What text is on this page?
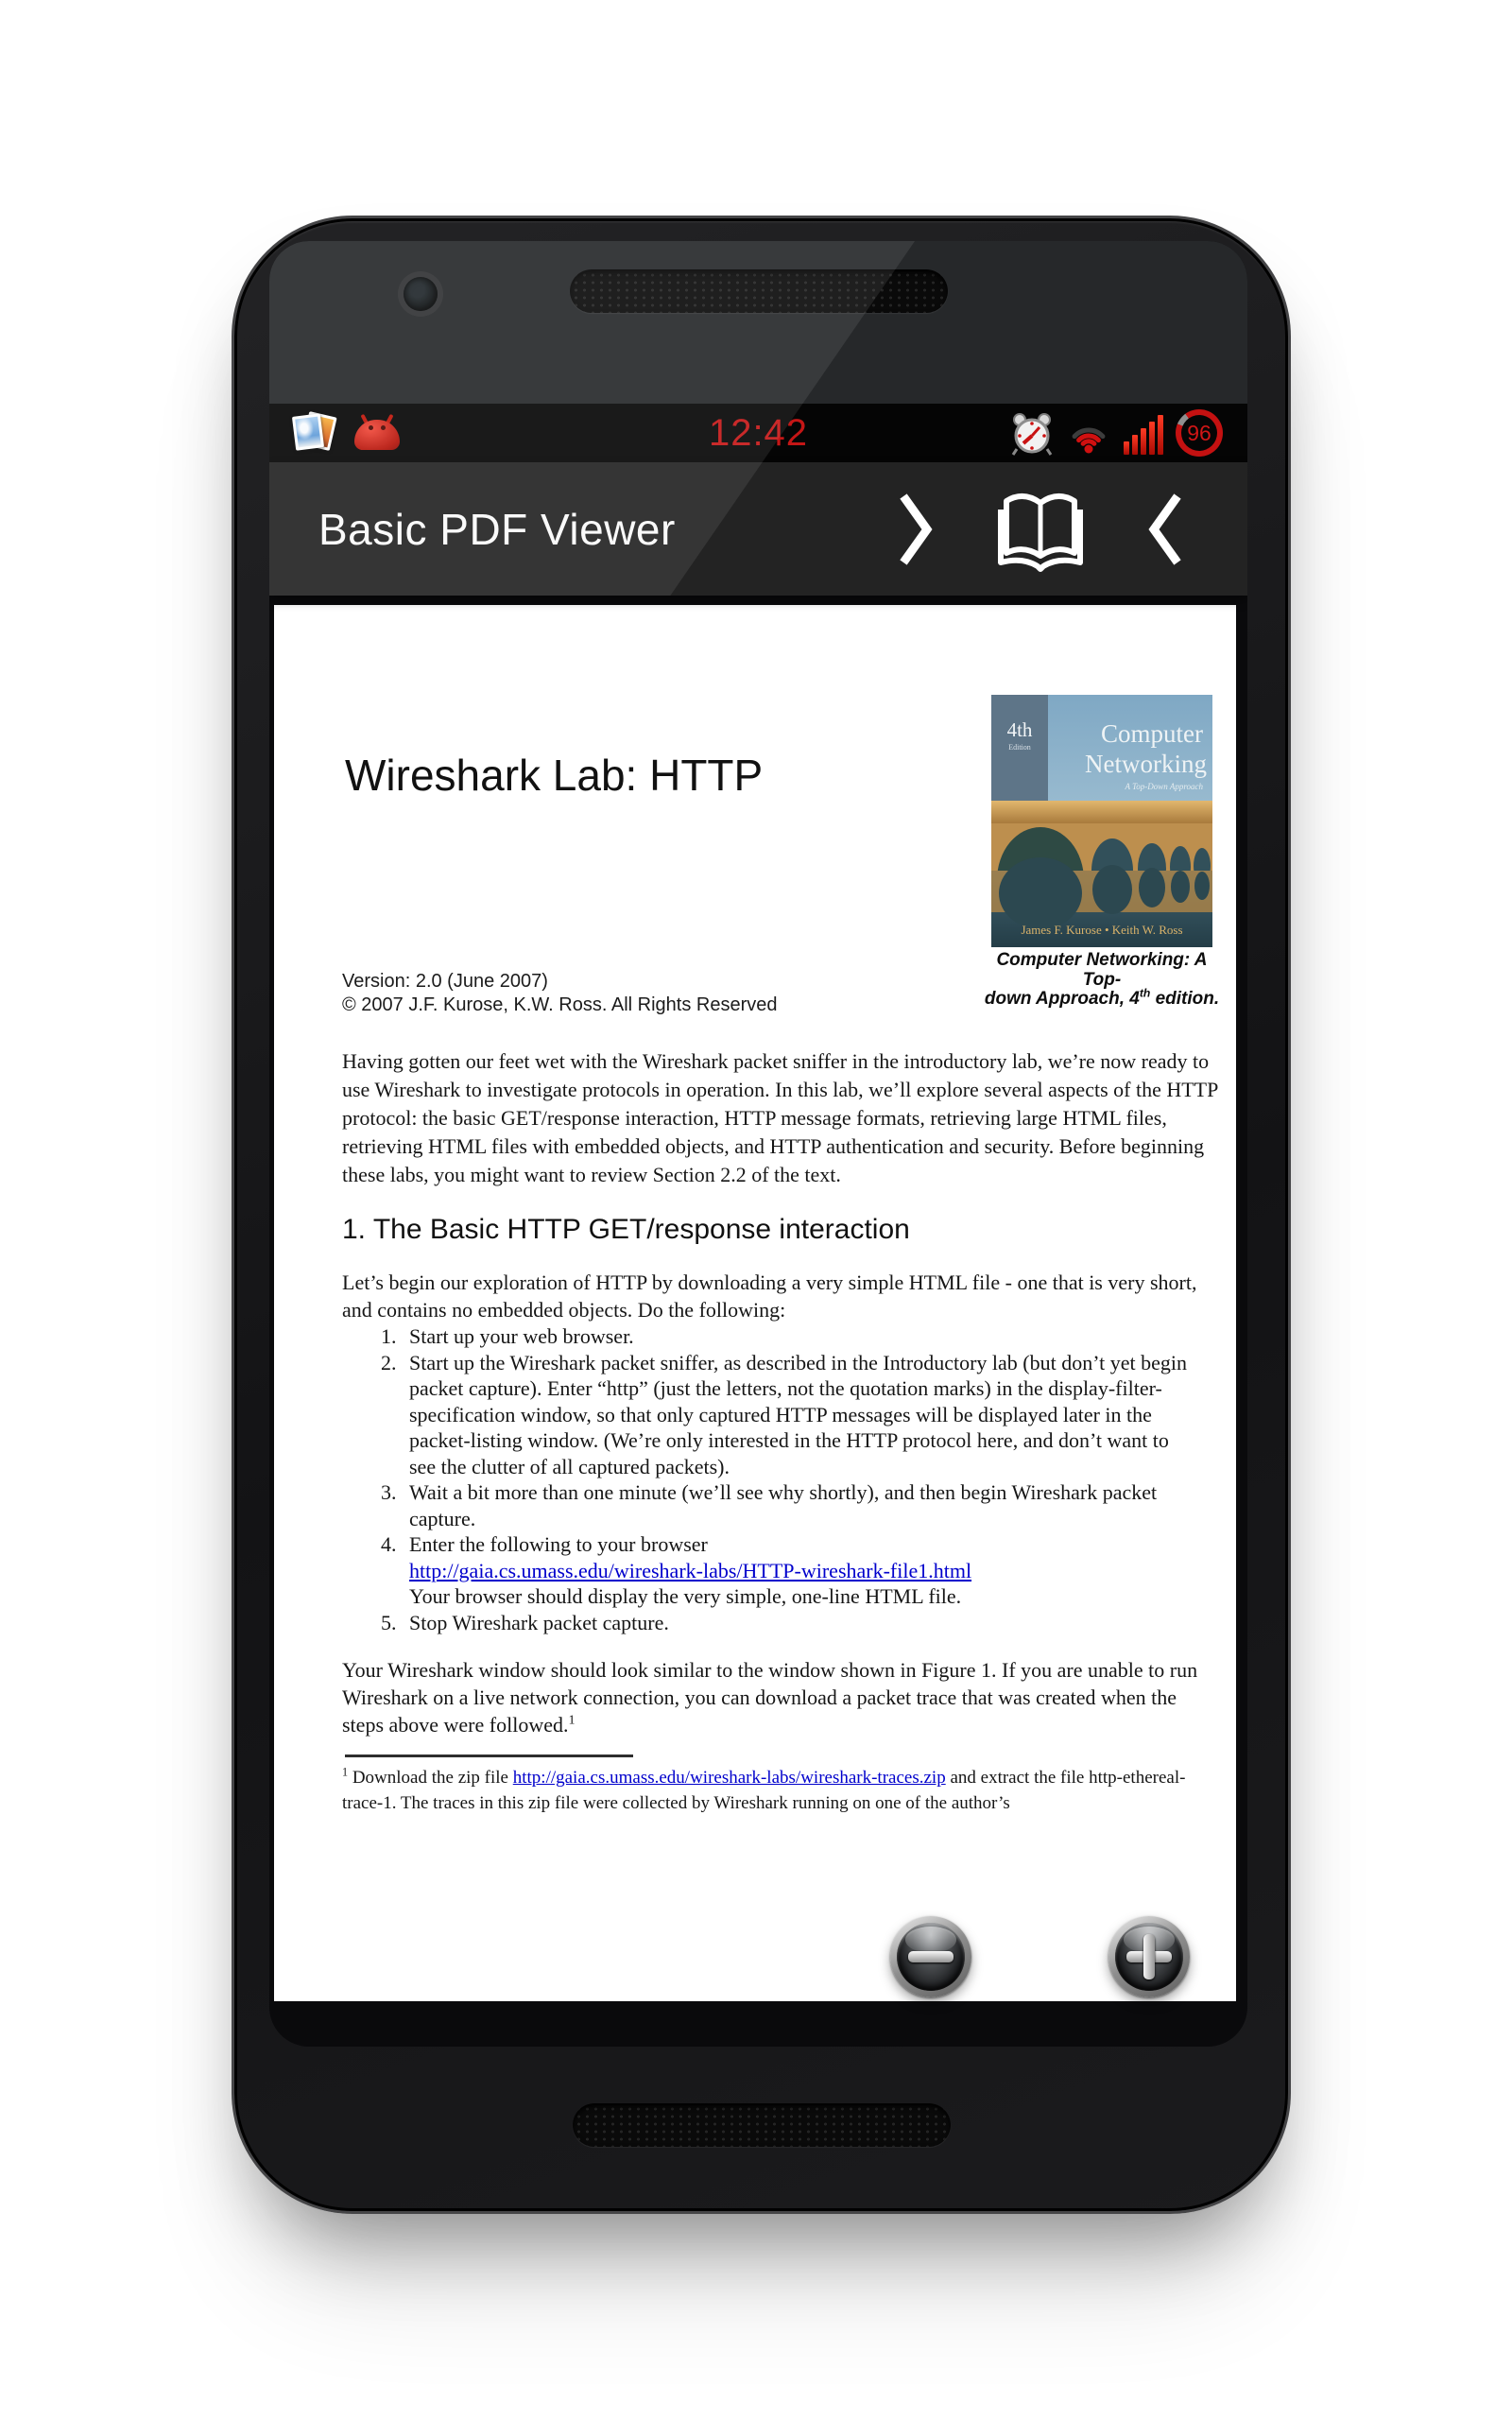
12:42	96
Basic PDF Viewer
Wireshark Lab: HTTP
Version: 2.0 (June 2007)
© 2007 J.F. Kurose, K.W. Ross. All Rights Reserved
4th
Edition	Computer
Networking
A Top-Down Approach
James F. Kurose • Keith W. Ross
Computer Networking: A Top-
down Approach, 4th edition.

Having gotten our feet wet with the Wireshark packet sniffer in the introductory lab, we’re now ready to use Wireshark to investigate protocols in operation. In this lab, we’ll explore several aspects of the HTTP protocol: the basic GET/response interaction, HTTP message formats, retrieving large HTML files, retrieving HTML files with embedded objects, and HTTP authentication and security. Before beginning these labs, you might want to review Section 2.2 of the text.

1. The Basic HTTP GET/response interaction

Let’s begin our exploration of HTTP by downloading a very simple HTML file - one that is very short, and contains no embedded objects. Do the following:

1. Start up your web browser.
2. Start up the Wireshark packet sniffer, as described in the Introductory lab (but don’t yet begin packet capture). Enter “http” (just the letters, not the quotation marks) in the display-filter-specification window, so that only captured HTTP messages will be displayed later in the packet-listing window. (We’re only interested in the HTTP protocol here, and don’t want to see the clutter of all captured packets).
3. Wait a bit more than one minute (we’ll see why shortly), and then begin Wireshark packet capture.
4. Enter the following to your browser
http://gaia.cs.umass.edu/wireshark-labs/HTTP-wireshark-file1.html
Your browser should display the very simple, one-line HTML file.
5. Stop Wireshark packet capture.

Your Wireshark window should look similar to the window shown in Figure 1. If you are unable to run Wireshark on a live network connection, you can download a packet trace that was created when the steps above were followed.$^1$

$^1$ Download the zip file http://gaia.cs.umass.edu/wireshark-labs/wireshark-traces.zip and extract the file http-ethereal-trace-1. The traces in this zip file were collected by Wireshark running on one of the author’s
